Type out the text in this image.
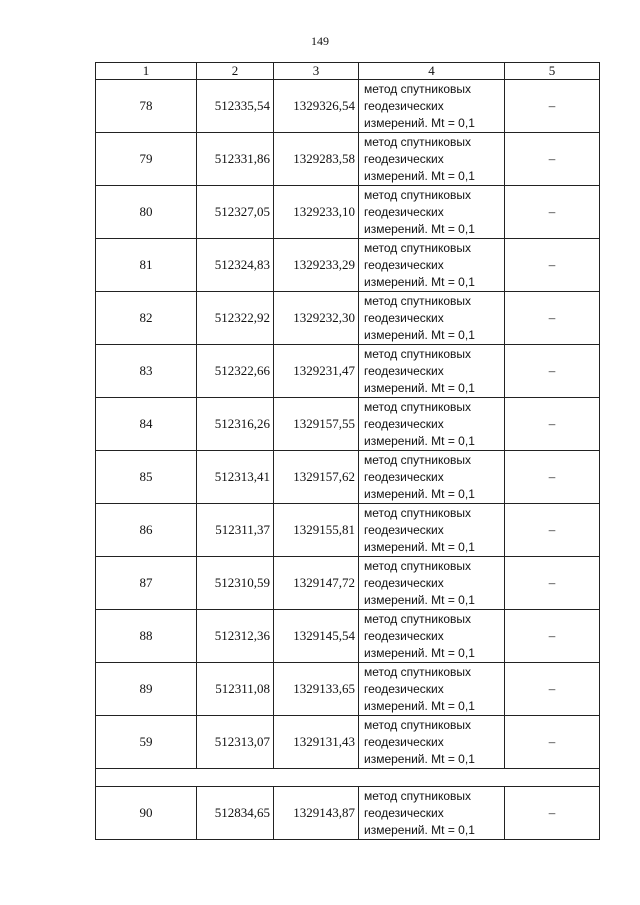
149
1	2	3	4	5
78	512335,54	1329326,54	метод спутниковых
геодезических
измерений. Mt = 0,1	–
79	512331,86	1329283,58	метод спутниковых
геодезических
измерений. Mt = 0,1	–
80	512327,05	1329233,10	метод спутниковых
геодезических
измерений. Mt = 0,1	–
81	512324,83	1329233,29	метод спутниковых
геодезических
измерений. Mt = 0,1	–
82	512322,92	1329232,30	метод спутниковых
геодезических
измерений. Mt = 0,1	–
83	512322,66	1329231,47	метод спутниковых
геодезических
измерений. Mt = 0,1	–
84	512316,26	1329157,55	метод спутниковых
геодезических
измерений. Mt = 0,1	–
85	512313,41	1329157,62	метод спутниковых
геодезических
измерений. Mt = 0,1	–
86	512311,37	1329155,81	метод спутниковых
геодезических
измерений. Mt = 0,1	–
87	512310,59	1329147,72	метод спутниковых
геодезических
измерений. Mt = 0,1	–
88	512312,36	1329145,54	метод спутниковых
геодезических
измерений. Mt = 0,1	–
89	512311,08	1329133,65	метод спутниковых
геодезических
измерений. Mt = 0,1	–
59	512313,07	1329131,43	метод спутниковых
геодезических
измерений. Mt = 0,1	–

90	512834,65	1329143,87	метод спутниковых
геодезических
измерений. Mt = 0,1	–
